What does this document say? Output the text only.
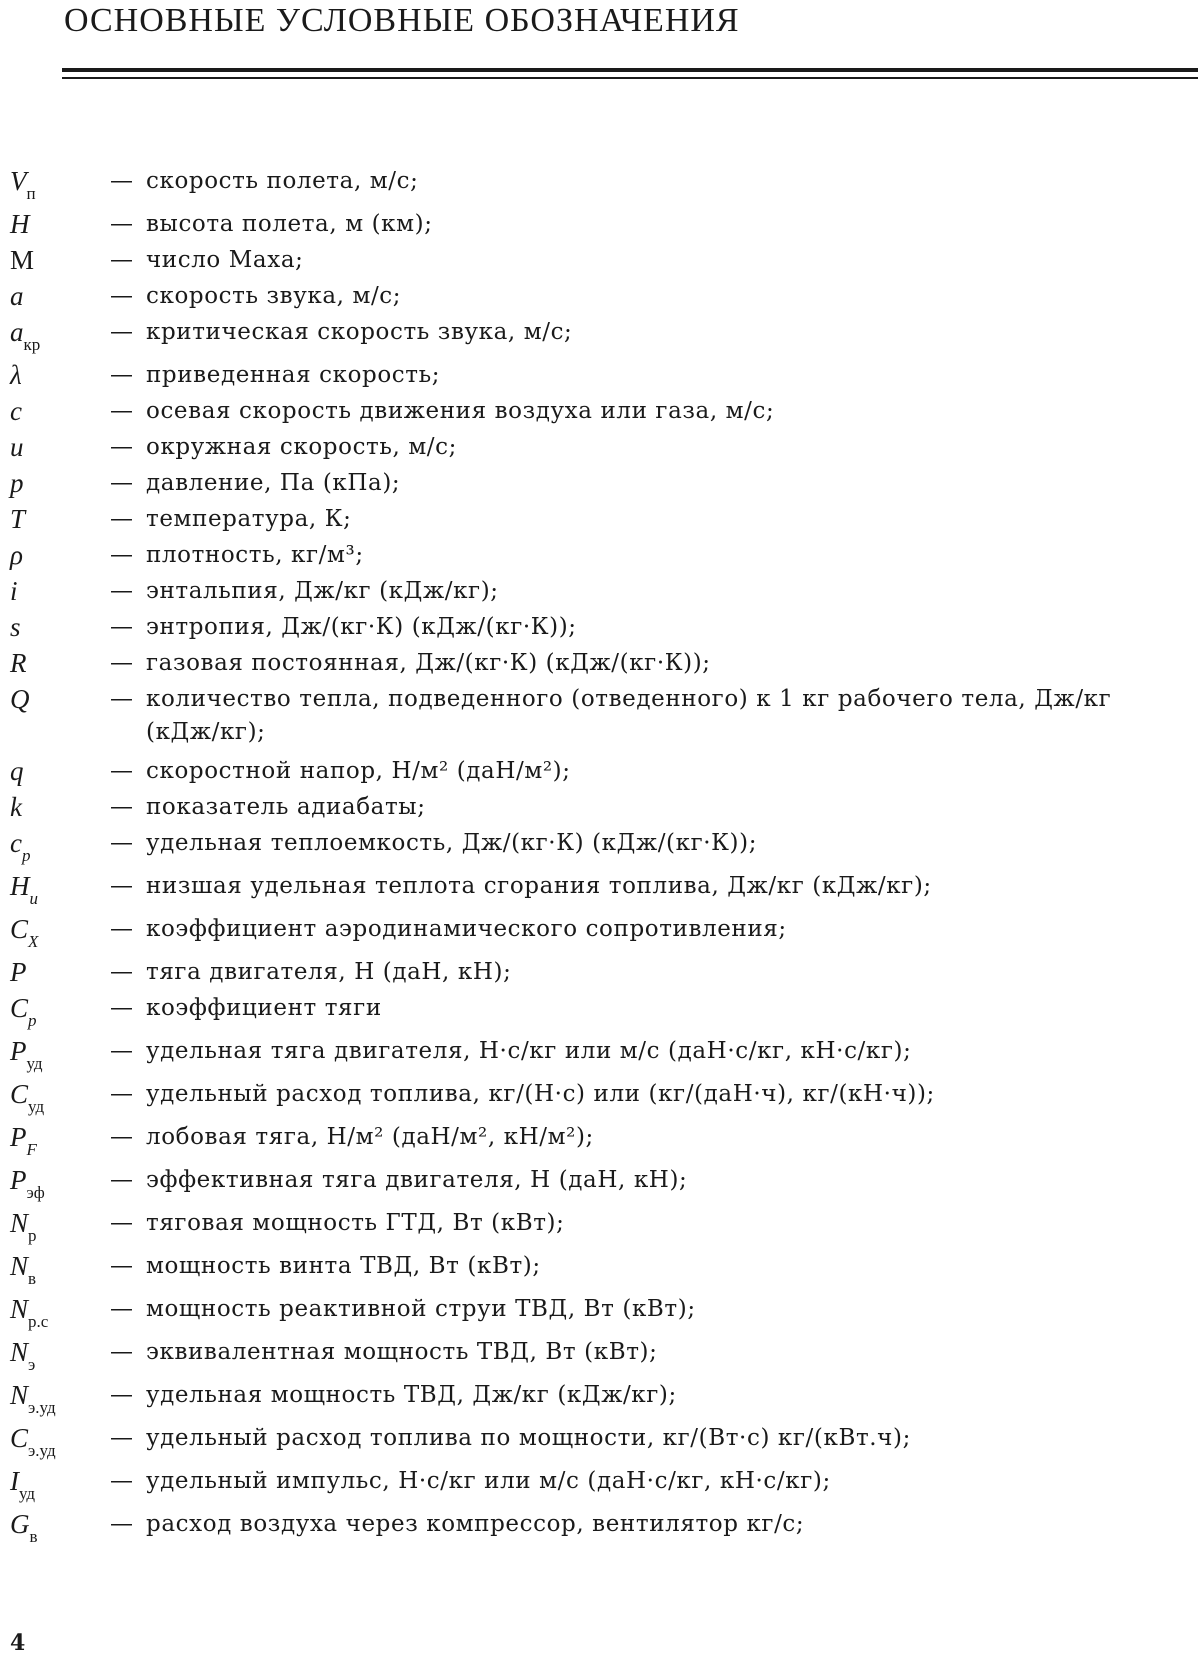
ОСНОВНЫЕ УСЛОВНЫЕ ОБОЗНАЧЕНИЯ
$V_п$	— скорость полета, м/с;
H	— высота полета, м (км);
M	— число Маха;
a	— скорость звука, м/с;
$a_{кр}$	— критическая скорость звука, м/с;
λ	— приведенная скорость;
c	— осевая скорость движения воздуха или газа, м/с;
u	— окружная скорость, м/с;
p	— давление, Па (кПа);
T	— температура, К;
ρ	— плотность, кг/м³;
i	— энтальпия, Дж/кг (кДж/кг);
s	— энтропия, Дж/(кг·К) (кДж/(кг·К));
R	— газовая постоянная, Дж/(кг·К) (кДж/(кг·К));
Q	— количество тепла, подведенного (отведенного) к 1 кг рабочего тела, Дж/кг (кДж/кг);
q	— скоростной напор, Н/м² (даН/м²);
k	— показатель адиабаты;
$c_p$	— удельная теплоемкость, Дж/(кг·К) (кДж/(кг·К));
$H_u$	— низшая удельная теплота сгорания топлива, Дж/кг (кДж/кг);
$C_X$	— коэффициент аэродинамического сопротивления;
P	— тяга двигателя, Н (даН, кН);
$C_p$	— коэффициент тяги
$P_{уд}$	— удельная тяга двигателя, Н·с/кг или м/с (даН·с/кг, кН·с/кг);
$C_{уд}$	— удельный расход топлива, кг/(Н·с) или (кг/(даН·ч), кг/(кН·ч));
$P_F$	— лобовая тяга, Н/м² (даН/м², кН/м²);
$P_{эф}$	— эффективная тяга двигателя, Н (даН, кН);
$N_р$	— тяговая мощность ГТД, Вт (кВт);
$N_в$	— мощность винта ТВД, Вт (кВт);
$N_{р.с}$	— мощность реактивной струи ТВД, Вт (кВт);
$N_э$	— эквивалентная мощность ТВД, Вт (кВт);
$N_{э.уд}$	— удельная мощность ТВД, Дж/кг (кДж/кг);
$C_{э.уд}$	— удельный расход топлива по мощности, кг/(Вт·с) кг/(кВт.ч);
$I_{уд}$	— удельный импульс, Н·с/кг или м/с (даН·с/кг, кН·с/кг);
$G_в$	— расход воздуха через компрессор, вентилятор кг/с;
4
